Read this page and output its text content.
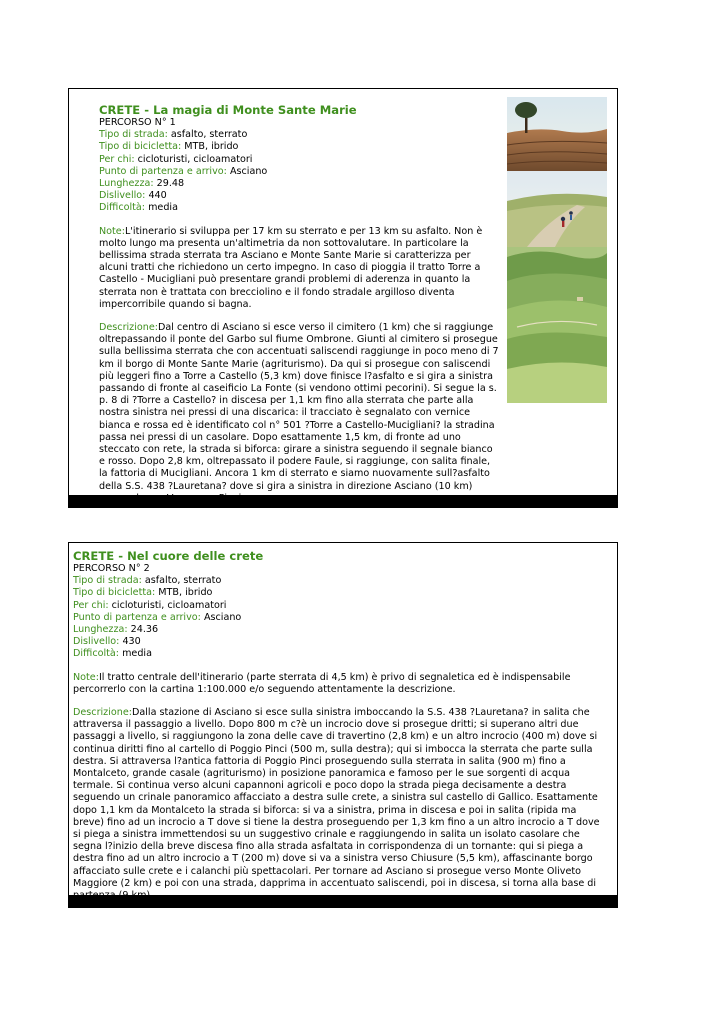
CRETE - La magia di Monte Sante Marie
PERCORSO N° 1
Tipo di strada: asfalto, sterrato
Tipo di bicicletta: MTB, ibrido
Per chi: cicloturisti, cicloamatori
Punto di partenza e arrivo: Asciano
Lunghezza: 29.48
Dislivello: 440
Difficoltà: media

Note:L'itinerario si sviluppa per 17 km su sterrato e per 13 km su asfalto. Non è molto lungo ma presenta un'altimetria da non sottovalutare. In particolare la bellissima strada sterrata tra Asciano e Monte Sante Marie si caratterizza per alcuni tratti che richiedono un certo impegno. In caso di pioggia il tratto Torre a Castello - Mucigliani può presentare grandi problemi di aderenza in quanto la sterrata non è trattata con brecciolino e il fondo stradale argilloso diventa impercorribile quando si bagna.

Descrizione:Dal centro di Asciano si esce verso il cimitero (1 km) che si raggiunge oltrepassando il ponte del Garbo sul fiume Ombrone. Giunti al cimitero si prosegue sulla bellissima sterrata che con accentuati saliscendi raggiunge in poco meno di 7 km il borgo di Monte Sante Marie (agriturismo). Da qui si prosegue con saliscendi più leggeri fino a Torre a Castello (5,3 km) dove finisce l?asfalto e si gira a sinistra passando di fronte al caseificio La Fonte (si vendono ottimi pecorini). Si segue la s. p. 8 di ?Torre a Castello? in discesa per 1,1 km fino alla sterrata che parte alla nostra sinistra nei pressi di una discarica: il tracciato è segnalato con vernice bianca e rossa ed è identificato col n° 501 ?Torre a Castello-Mucigliani? la stradina passa nei pressi di un casolare. Dopo esattamente 1,5 km, di fronte ad uno steccato con rete, la strada si biforca: girare a sinistra seguendo il segnale bianco e rosso. Dopo 2,8 km, oltrepassato il podere Faule, si raggiunge, con salita finale, la fattoria di Mucigliani. Ancora 1 km di sterrato e siamo nuovamente sull?asfalto della S.S. 438 ?Lauretana? dove si gira a sinistra in direzione Asciano (10 km)

CRETE - Nel cuore delle crete
PERCORSO N° 2
Tipo di strada: asfalto, sterrato
Tipo di bicicletta: MTB, ibrido
Per chi: cicloturisti, cicloamatori
Punto di partenza e arrivo: Asciano
Lunghezza: 24.36
Dislivello: 430
Difficoltà: media

Note:Il tratto centrale dell'itinerario (parte sterrata di 4,5 km) è privo di segnaletica ed è indispensabile percorrerlo con la cartina 1:100.000 e/o seguendo attentamente la descrizione.

Descrizione:Dalla stazione di Asciano si esce sulla sinistra imboccando la S.S. 438 ?Lauretana? in salita che attraversa il passaggio a livello. Dopo 800 m c?è un incrocio dove si prosegue dritti; si superano altri due passaggi a livello, si raggiungono la zona delle cave di travertino (2,8 km) e un altro incrocio (400 m) dove si continua diritti fino al cartello di Poggio Pinci (500 m, sulla destra); qui si imbocca la sterrata che parte sulla destra. Si attraversa l?antica fattoria di Poggio Pinci proseguendo sulla sterrata in salita (900 m) fino a Montalceto, grande casale (agriturismo) in posizione panoramica e famoso per le sue sorgenti di acqua termale. Si continua verso alcuni capannoni agricoli e poco dopo la strada piega decisamente a destra seguendo un crinale panoramico affacciato a destra sulle crete, a sinistra sul castello di Gallico. Esattamente dopo 1,1 km da Montalceto la strada si biforca: si va a sinistra, prima in discesa e poi in salita (ripida ma breve) fino ad un incrocio a T dove si tiene la destra proseguendo per 1,3 km fino a un altro incrocio a T dove si piega a sinistra immettendosi su un suggestivo crinale e raggiungendo in salita un isolato casolare che segna l?inizio della breve discesa fino alla strada asfaltata in corrispondenza di un tornante: qui si piega a destra fino ad un altro incrocio a T (200 m) dove si va a sinistra verso Chiusure (5,5 km), affascinante borgo affacciato sulle crete e i calanchi più spettacolari. Per tornare ad Asciano si prosegue verso Monte Oliveto Maggiore (2 km) e poi con una strada, dapprima in accentuato saliscendi, poi in discesa, si torna alla base di
